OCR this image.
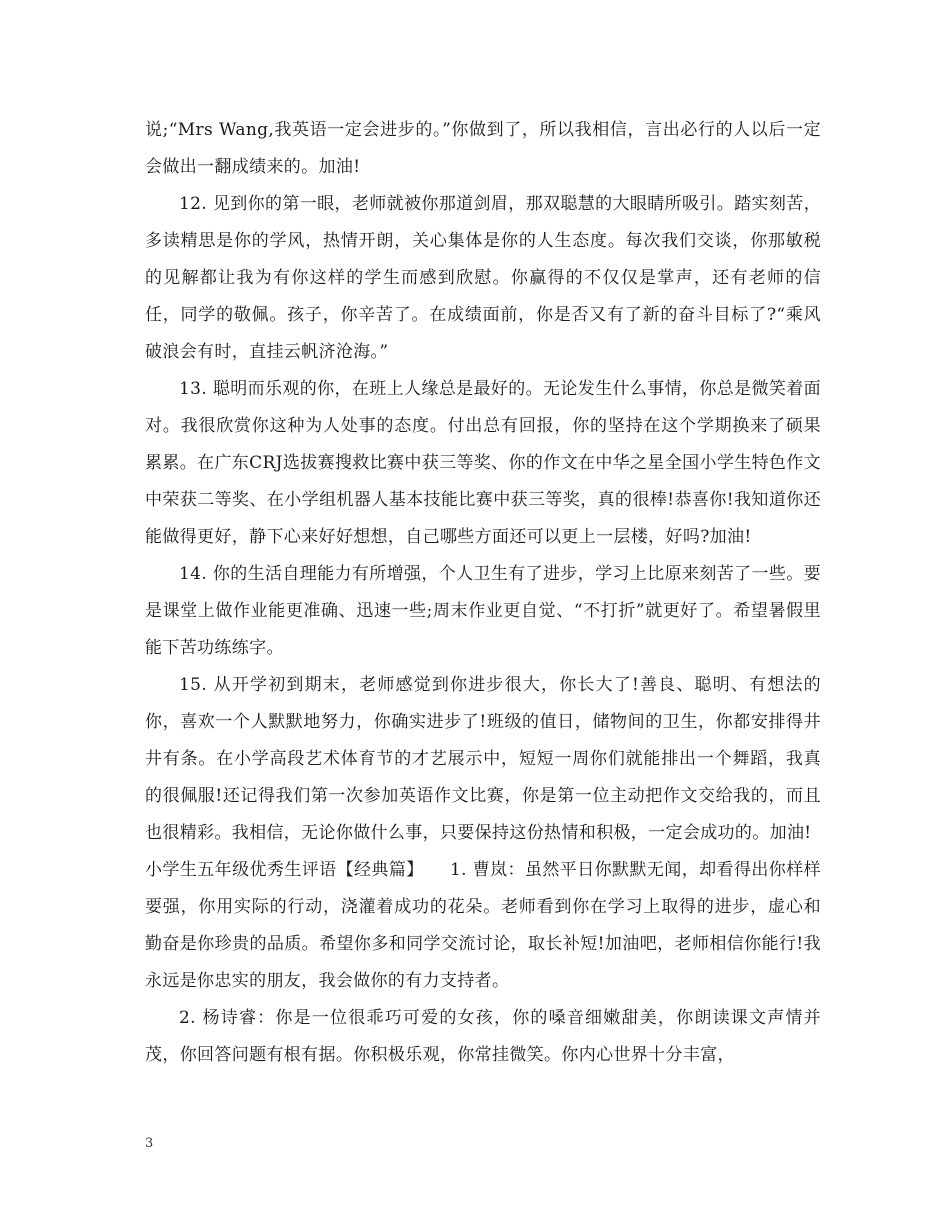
说;“Mrs Wang,我英语一定会进步的。”你做到了，所以我相信，言出必行的人以后一定会做出一翻成绩来的。加油!

12. 见到你的第一眼，老师就被你那道剑眉，那双聪慧的大眼睛所吸引。踏实刻苦，多读精思是你的学风，热情开朗，关心集体是你的人生态度。每次我们交谈，你那敏税的见解都让我为有你这样的学生而感到欣慰。你赢得的不仅仅是掌声，还有老师的信任，同学的敬佩。孩子，你辛苦了。在成绩面前，你是否又有了新的奋斗目标了?“乘风破浪会有时，直挂云帆济沧海。”

13. 聪明而乐观的你，在班上人缘总是最好的。无论发生什么事情，你总是微笑着面对。我很欣赏你这种为人处事的态度。付出总有回报，你的坚持在这个学期换来了硕果累累。在广东CRJ选拔赛搜救比赛中获三等奖、你的作文在中华之星全国小学生特色作文中荣获二等奖、在小学组机器人基本技能比赛中获三等奖，真的很棒!恭喜你!我知道你还能做得更好，静下心来好好想想，自己哪些方面还可以更上一层楼，好吗?加油!

14. 你的生活自理能力有所增强，个人卫生有了进步，学习上比原来刻苦了一些。要是课堂上做作业能更准确、迅速一些;周末作业更自觉、“不打折”就更好了。希望暑假里能下苦功练练字。

15. 从开学初到期末，老师感觉到你进步很大，你长大了!善良、聪明、有想法的你，喜欢一个人默默地努力，你确实进步了!班级的值日，储物间的卫生，你都安排得井井有条。在小学高段艺术体育节的才艺展示中，短短一周你们就能排出一个舞蹈，我真的很佩服!还记得我们第一次参加英语作文比赛，你是第一位主动把作文交给我的，而且也很精彩。我相信，无论你做什么事，只要保持这份热情和积极，一定会成功的。加油!

小学生五年级优秀生评语【经典篇】　　1. 曹岚：虽然平日你默默无闻，却看得出你样样要强，你用实际的行动，浇灌着成功的花朵。老师看到你在学习上取得的进步，虚心和勤奋是你珍贵的品质。希望你多和同学交流讨论，取长补短!加油吧，老师相信你能行!我永远是你忠实的朋友，我会做你的有力支持者。

2. 杨诗睿：你是一位很乖巧可爱的女孩，你的嗓音细嫩甜美，你朗读课文声情并茂，你回答问题有根有据。你积极乐观，你常挂微笑。你内心世界十分丰富，

3
